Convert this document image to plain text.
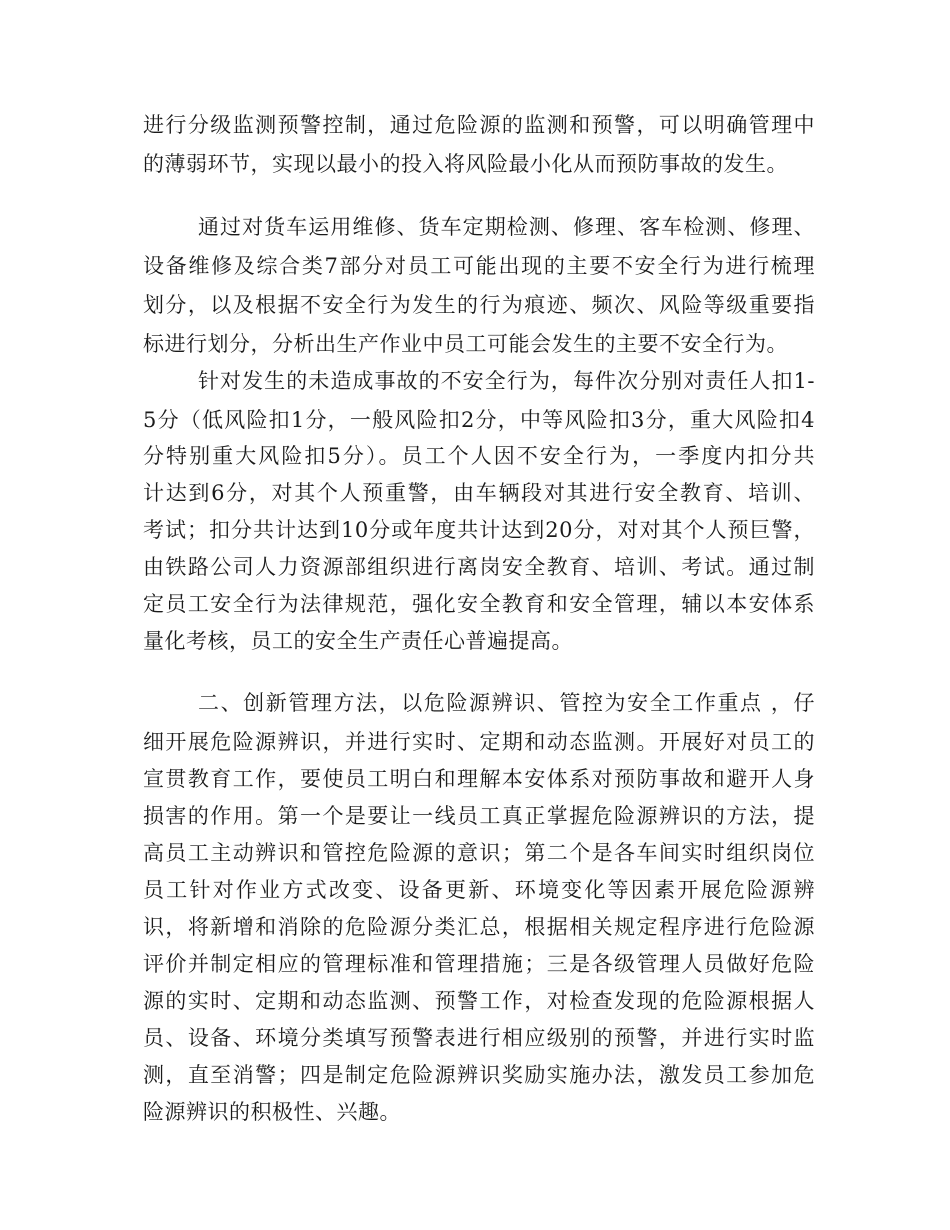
进行分级监测预警控制，通过危险源的监测和预警，可以明确管理中
的薄弱环节，实现以最小的投入将风险最小化从而预防事故的发生。
通过对货车运用维修、货车定期检测、修理、客车检测、修理、
设备维修及综合类7部分对员工可能出现的主要不安全行为进行梳理
划分，以及根据不安全行为发生的行为痕迹、频次、风险等级重要指
标进行划分，分析出生产作业中员工可能会发生的主要不安全行为。
针对发生的未造成事故的不安全行为，每件次分别对责任人扣1-
5分（低风险扣1分，一般风险扣2分，中等风险扣3分，重大风险扣4
分特别重大风险扣5分）。员工个人因不安全行为，一季度内扣分共
计达到6分，对其个人预重警，由车辆段对其进行安全教育、培训、
考试；扣分共计达到10分或年度共计达到20分，对对其个人预巨警，
由铁路公司人力资源部组织进行离岗安全教育、培训、考试。通过制
定员工安全行为法律规范，强化安全教育和安全管理，辅以本安体系
量化考核，员工的安全生产责任心普遍提高。
二、创新管理方法，以危险源辨识、管控为安全工作重点 ，仔
细开展危险源辨识，并进行实时、定期和动态监测。开展好对员工的
宣贯教育工作，要使员工明白和理解本安体系对预防事故和避开人身
损害的作用。第一个是要让一线员工真正掌握危险源辨识的方法，提
高员工主动辨识和管控危险源的意识；第二个是各车间实时组织岗位
员工针对作业方式改变、设备更新、环境变化等因素开展危险源辨
识，将新增和消除的危险源分类汇总，根据相关规定程序进行危险源
评价并制定相应的管理标准和管理措施；三是各级管理人员做好危险
源的实时、定期和动态监测、预警工作，对检查发现的危险源根据人
员、设备、环境分类填写预警表进行相应级别的预警，并进行实时监
测，直至消警；四是制定危险源辨识奖励实施办法，激发员工参加危
险源辨识的积极性、兴趣。
